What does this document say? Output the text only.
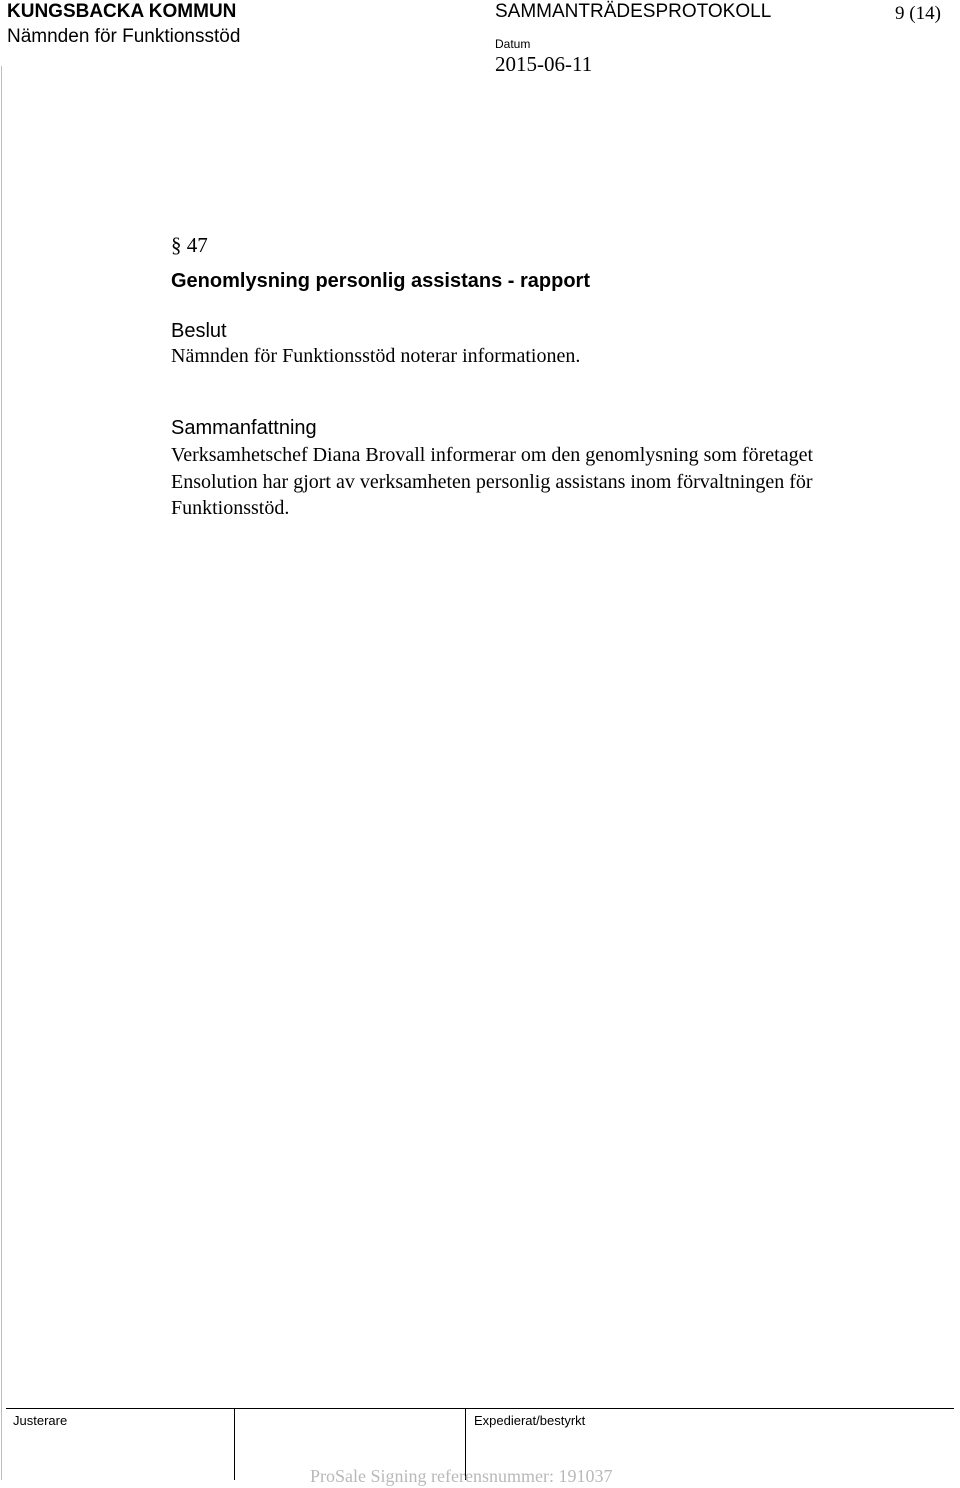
KUNGSBACKA KOMMUN
Nämnden för Funktionsstöd
SAMMANTRÄDESPROTOKOLL	9 (14)
Datum
2015-06-11
§ 47
Genomlysning personlig assistans - rapport
Beslut
Nämnden för Funktionsstöd noterar informationen.
Sammanfattning
Verksamhetschef Diana Brovall informerar om den genomlysning som företaget
Ensolution har gjort av verksamheten personlig assistans inom förvaltningen för
Funktionsstöd.
Justerare	Expedierat/bestyrkt
ProSale Signing referensnummer: 191037
